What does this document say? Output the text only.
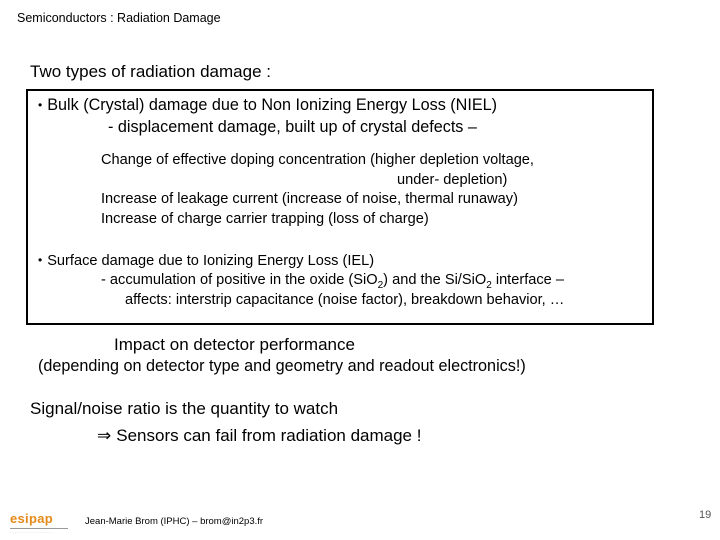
Semiconductors : Radiation Damage
Two types of radiation damage :
• Bulk (Crystal) damage due to Non Ionizing Energy Loss (NIEL)
- displacement damage, built up of crystal defects –
Change of effective doping concentration (higher depletion voltage,
under- depletion)
Increase of leakage current (increase of noise, thermal runaway)
Increase of charge carrier trapping (loss of charge)
• Surface damage due to Ionizing Energy Loss (IEL)
- accumulation of positive in the oxide (SiO$_2$) and the Si/SiO$_2$ interface –
affects: interstrip capacitance (noise factor), breakdown behavior, …
Impact on detector performance
(depending on detector type and geometry and readout electronics!)
Signal/noise ratio is the quantity to watch
⇒ Sensors can fail from radiation damage !
esipap
· · · · · · · · · · · · · · · · · ·
Jean-Marie Brom (IPHC) – brom@in2p3.fr
19
